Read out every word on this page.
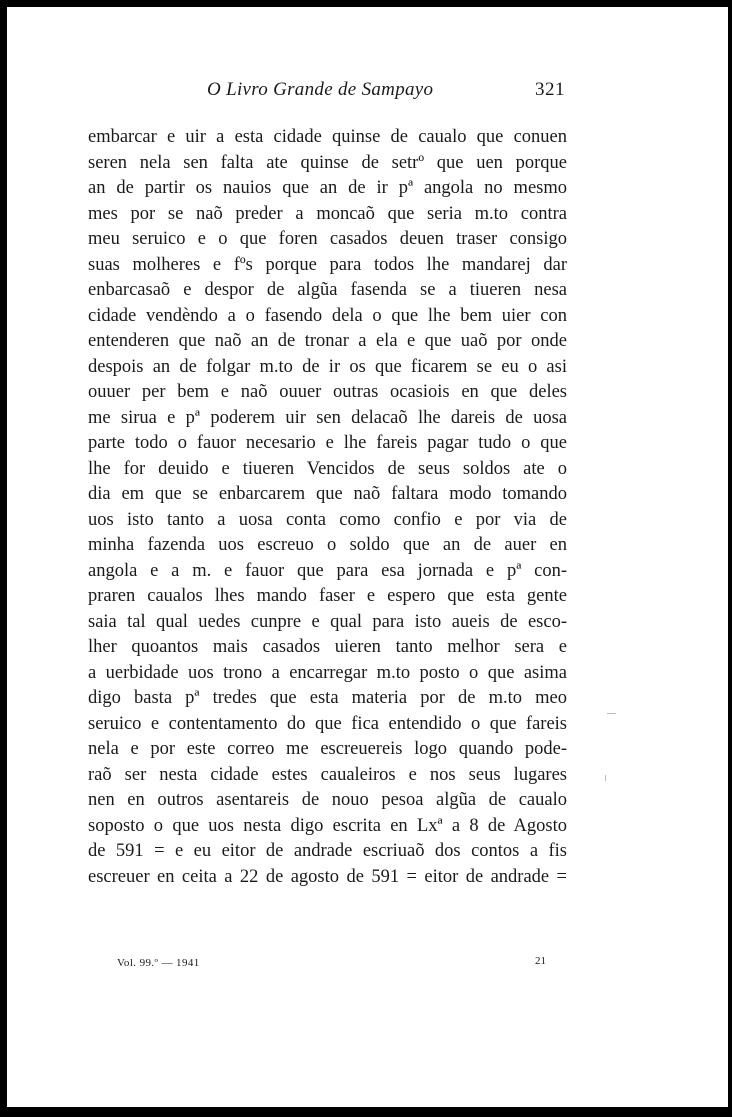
O Livro Grande de Sampayo	321
embarcar e uir a esta cidade quinse de caualo que conuen
seren nela sen falta ate quinse de setrº que uen porque
an de partir os nauios que an de ir pª angola no mesmo
mes por se naõ preder a moncaõ que seria m.to contra
meu seruico e o que foren casados deuen traser consigo
suas molheres e fºs porque para todos lhe mandarej dar
enbarcasaõ e despor de algũa fasenda se a tiueren nesa
cidade vendèndo a o fasendo dela o que lhe bem uier con
entenderen que naõ an de tronar a ela e que uaõ por onde
despois an de folgar m.to de ir os que ficarem se eu o asi
ouuer per bem e naõ ouuer outras ocasiois en que deles
me sirua e pª poderem uir sen delacaõ lhe dareis de uosa
parte todo o fauor necesario e lhe fareis pagar tudo o que
lhe for deuido e tiueren Vencidos de seus soldos ate o
dia em que se enbarcarem que naõ faltara modo tomando
uos isto tanto a uosa conta como confio e por via de
minha fazenda uos escreuo o soldo que an de auer en
angola e a m. e fauor que para esa jornada e pª con-
praren caualos lhes mando faser e espero que esta gente
saia tal qual uedes cunpre e qual para isto aueis de esco-
lher quoantos mais casados uieren tanto melhor sera e
a uerbidade uos trono a encarregar m.to posto o que asima
digo basta pª tredes que esta materia por de m.to meo
seruico e contentamento do que fica entendido o que fareis
nela e por este correo me escreuereis logo quando pode-
raõ ser nesta cidade estes caualeiros e nos seus lugares
nen en outros asentareis de nouo pesoa algũa de caualo
soposto o que uos nesta digo escrita en Lxª a 8 de Agosto
de 591 = e eu eitor de andrade escriuaõ dos contos a fis
escreuer en ceita a 22 de agosto de 591 = eitor de andrade =
Vol. 99.º — 1941	21
